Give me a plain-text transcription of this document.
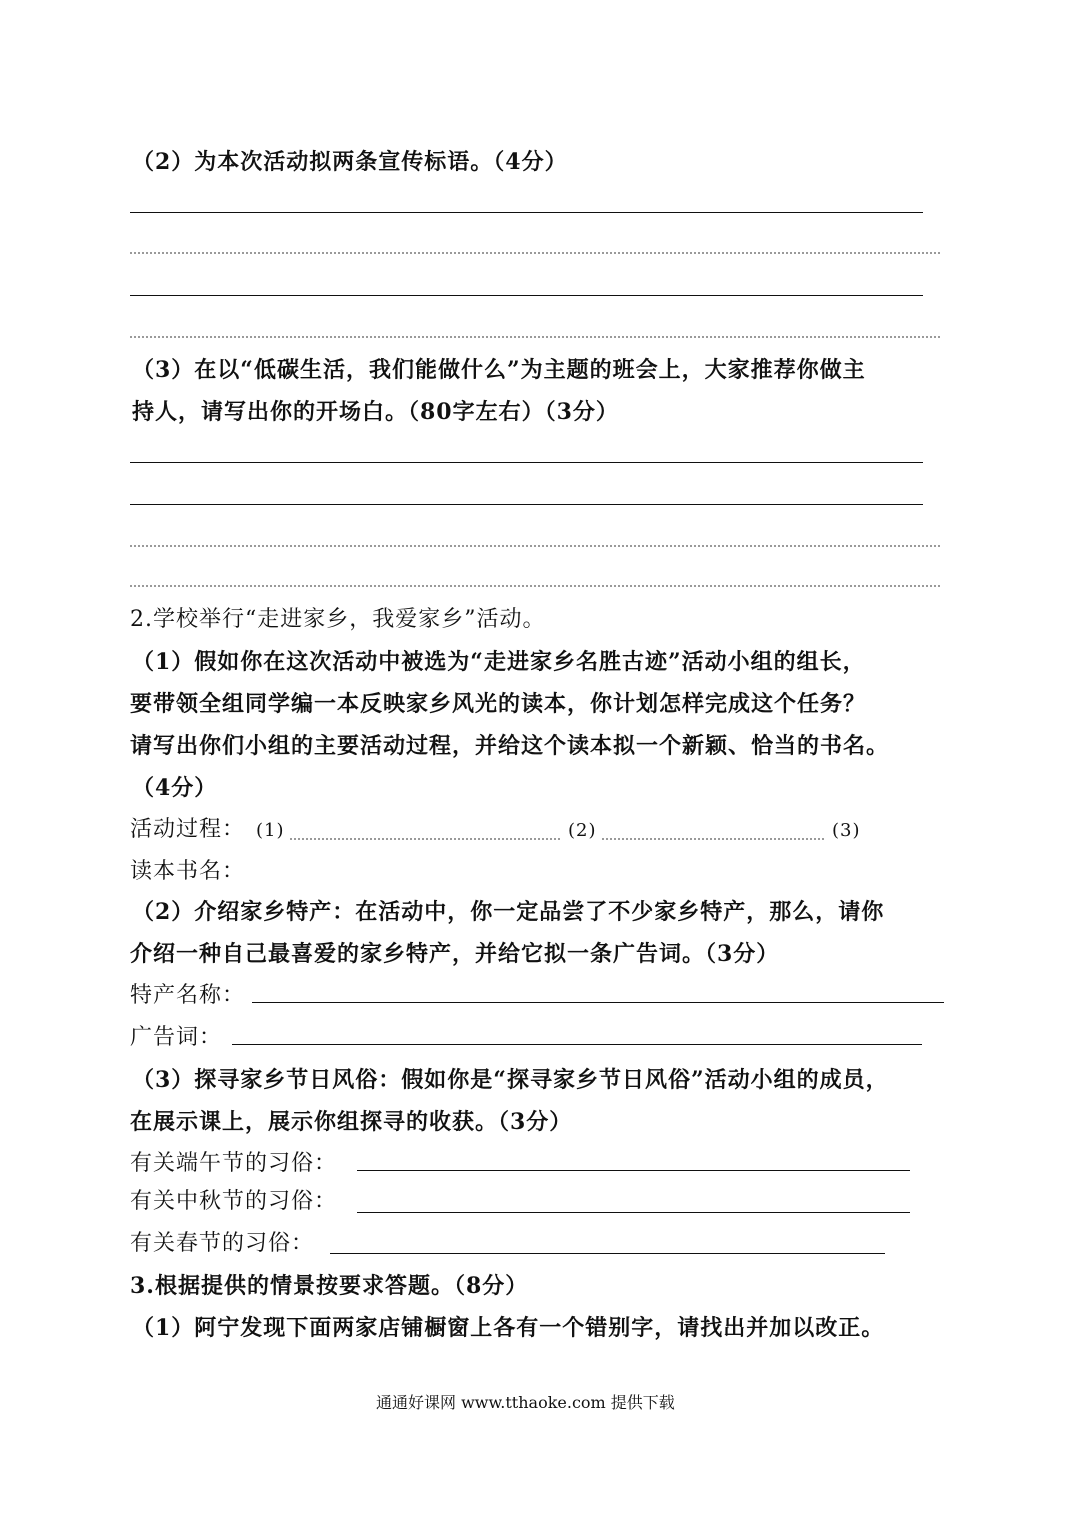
（2）为本次活动拟两条宣传标语。（4分）
（3）在以“低碳生活，我们能做什么”为主题的班会上，大家推荐你做主
持人，请写出你的开场白。（80字左右）（3分）
2.学校举行“走进家乡，我爱家乡”活动。
（1）假如你在这次活动中被选为“走进家乡名胜古迹”活动小组的组长，
要带领全组同学编一本反映家乡风光的读本，你计划怎样完成这个任务？
请写出你们小组的主要活动过程，并给这个读本拟一个新颖、恰当的书名。
（4分）
活动过程： (1)	(2)	(3)
读本书名：
（2）介绍家乡特产：在活动中，你一定品尝了不少家乡特产，那么，请你
介绍一种自己最喜爱的家乡特产，并给它拟一条广告词。（3分）
特产名称：
广告词：
（3）探寻家乡节日风俗：假如你是“探寻家乡节日风俗”活动小组的成员，
在展示课上，展示你组探寻的收获。（3分）
有关端午节的习俗：
有关中秋节的习俗：
有关春节的习俗：
3.根据提供的情景按要求答题。（8分）
（1）阿宁发现下面两家店铺橱窗上各有一个错别字，请找出并加以改正。
通通好课网 www.tthaoke.com 提供下载
